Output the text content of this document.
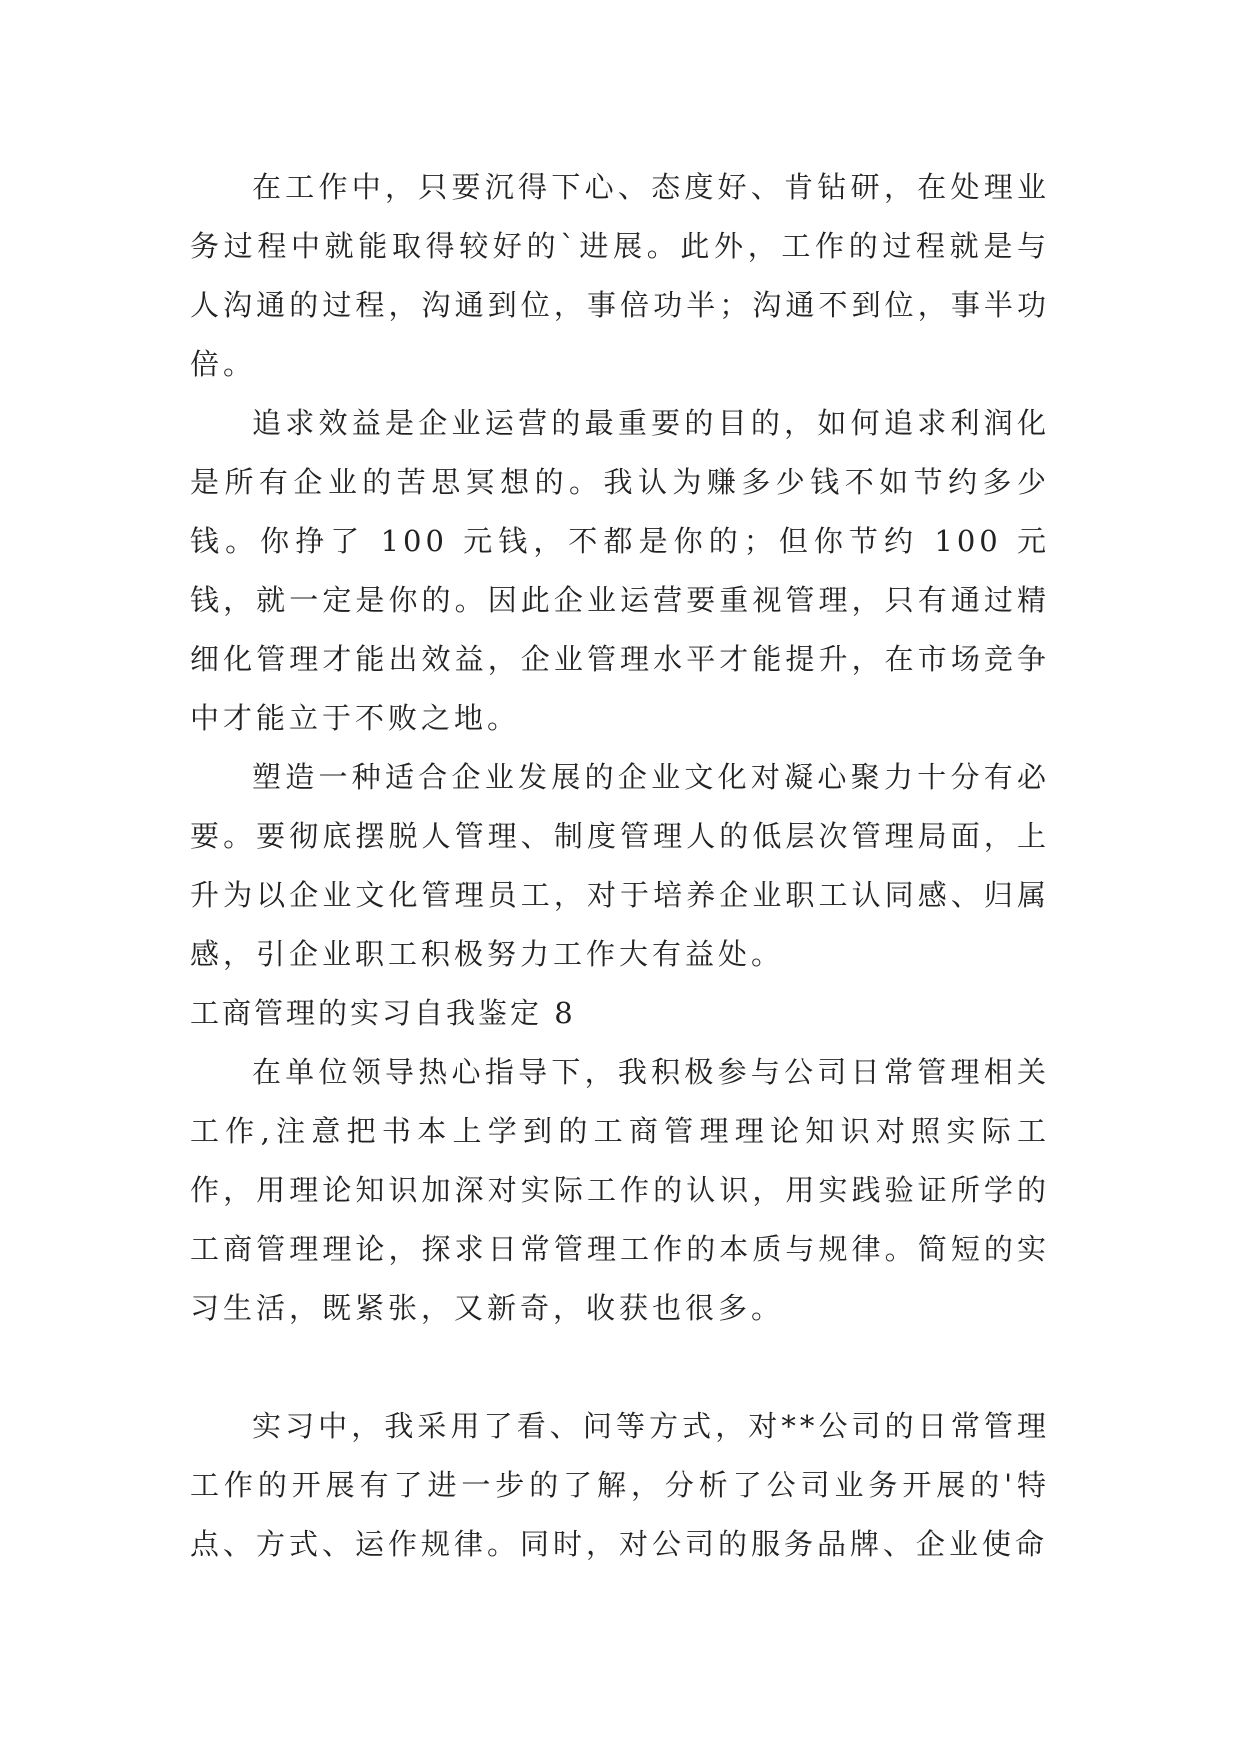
在工作中，只要沉得下心、态度好、肯钻研，在处理业务过程中就能取得较好的`进展。此外，工作的过程就是与人沟通的过程，沟通到位，事倍功半；沟通不到位，事半功倍。

追求效益是企业运营的最重要的目的，如何追求利润化是所有企业的苦思冥想的。我认为赚多少钱不如节约多少钱。你挣了 100 元钱，不都是你的；但你节约 100 元钱，就一定是你的。因此企业运营要重视管理，只有通过精细化管理才能出效益，企业管理水平才能提升，在市场竞争中才能立于不败之地。

塑造一种适合企业发展的企业文化对凝心聚力十分有必要。要彻底摆脱人管理、制度管理人的低层次管理局面，上升为以企业文化管理员工，对于培养企业职工认同感、归属感，引企业职工积极努力工作大有益处。

工商管理的实习自我鉴定 8

在单位领导热心指导下，我积极参与公司日常管理相关工作,注意把书本上学到的工商管理理论知识对照实际工作，用理论知识加深对实际工作的认识，用实践验证所学的工商管理理论，探求日常管理工作的本质与规律。简短的实习生活，既紧张，又新奇，收获也很多。

实习中，我采用了看、问等方式，对**公司的日常管理工作的开展有了进一步的了解，分析了公司业务开展的'特点、方式、运作规律。同时，对公司的服务品牌、企业使命
